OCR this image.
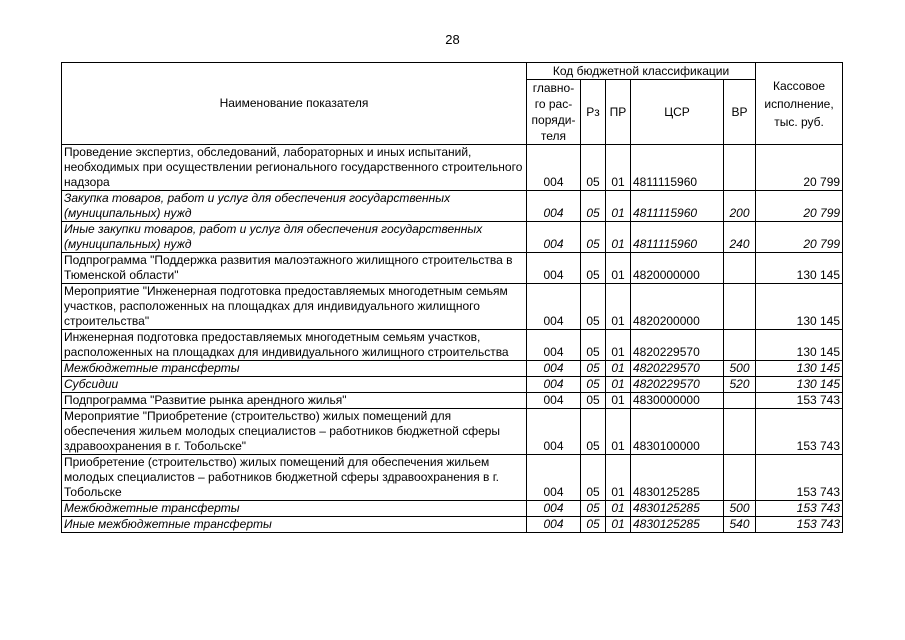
28
Наименование показателя	Код бюджетной классификации					Кассовое исполнение, тыс. руб.
	главно-го рас-поряди-теля	Рз	ПР	ЦСР	ВР	
Проведение экспертиз, обследований, лабораторных и иных испытаний, необходимых при осуществлении регионального государственного строительного надзора	004	05	01	4811115960		20 799
Закупка товаров, работ и услуг для обеспечения государственных (муниципальных) нужд	004	05	01	4811115960	200	20 799
Иные закупки товаров, работ и услуг для обеспечения государственных (муниципальных) нужд	004	05	01	4811115960	240	20 799
Подпрограмма "Поддержка развития малоэтажного жилищного строительства в Тюменской области"	004	05	01	4820000000		130 145
Мероприятие "Инженерная подготовка предоставляемых многодетным семьям участков, расположенных на площадках для индивидуального жилищного строительства"	004	05	01	4820200000		130 145
Инженерная подготовка предоставляемых многодетным семьям участков, расположенных на площадках для индивидуального жилищного строительства	004	05	01	4820229570		130 145
Межбюджетные трансферты	004	05	01	4820229570	500	130 145
Субсидии	004	05	01	4820229570	520	130 145
Подпрограмма "Развитие рынка арендного жилья"	004	05	01	4830000000		153 743
Мероприятие "Приобретение (строительство) жилых помещений для обеспечения жильем молодых специалистов – работников бюджетной сферы здравоохранения в г. Тобольске"	004	05	01	4830100000		153 743
Приобретение (строительство) жилых помещений для обеспечения жильем молодых специалистов – работников бюджетной сферы здравоохранения в г. Тобольске	004	05	01	4830125285		153 743
Межбюджетные трансферты	004	05	01	4830125285	500	153 743
Иные межбюджетные трансферты	004	05	01	4830125285	540	153 743
